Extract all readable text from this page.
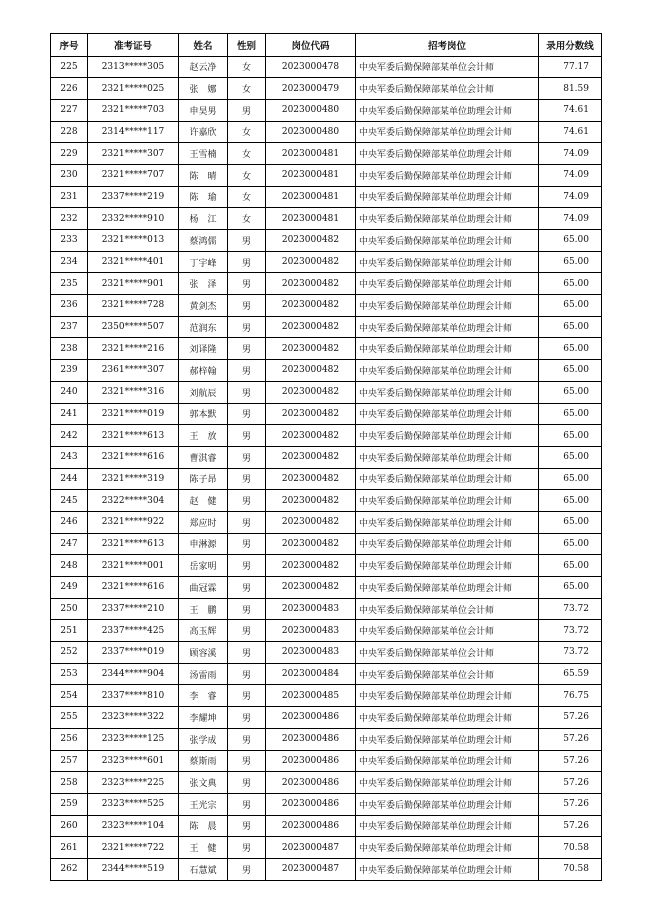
序号	准考证号	姓名	性别	岗位代码	招考岗位	录用分数线
225	2313*****305	赵云净	女	2023000478	中央军委后勤保障部某单位会计师	77.17
226	2321*****025	张　娜	女	2023000479	中央军委后勤保障部某单位会计师	81.59
227	2321*****703	申昊男	男	2023000480	中央军委后勤保障部某单位助理会计师	74.61
228	2314*****117	许嘉欣	女	2023000480	中央军委后勤保障部某单位助理会计师	74.61
229	2321*****307	王雪楠	女	2023000481	中央军委后勤保障部某单位助理会计师	74.09
230	2321*****707	陈　晴	女	2023000481	中央军委后勤保障部某单位助理会计师	74.09
231	2337*****219	陈　瑜	女	2023000481	中央军委后勤保障部某单位助理会计师	74.09
232	2332*****910	杨　江	女	2023000481	中央军委后勤保障部某单位助理会计师	74.09
233	2321*****013	蔡鸿儒	男	2023000482	中央军委后勤保障部某单位助理会计师	65.00
234	2321*****401	丁宇峰	男	2023000482	中央军委后勤保障部某单位助理会计师	65.00
235	2321*****901	张　泽	男	2023000482	中央军委后勤保障部某单位助理会计师	65.00
236	2321*****728	黄剑杰	男	2023000482	中央军委后勤保障部某单位助理会计师	65.00
237	2350*****507	范润东	男	2023000482	中央军委后勤保障部某单位助理会计师	65.00
238	2321*****216	刘译隆	男	2023000482	中央军委后勤保障部某单位助理会计师	65.00
239	2361*****307	郝梓翰	男	2023000482	中央军委后勤保障部某单位助理会计师	65.00
240	2321*****316	刘航辰	男	2023000482	中央军委后勤保障部某单位助理会计师	65.00
241	2321*****019	郭本默	男	2023000482	中央军委后勤保障部某单位助理会计师	65.00
242	2321*****613	王　放	男	2023000482	中央军委后勤保障部某单位助理会计师	65.00
243	2321*****616	曹淇睿	男	2023000482	中央军委后勤保障部某单位助理会计师	65.00
244	2321*****319	陈子昂	男	2023000482	中央军委后勤保障部某单位助理会计师	65.00
245	2322*****304	赵　健	男	2023000482	中央军委后勤保障部某单位助理会计师	65.00
246	2321*****922	郑应时	男	2023000482	中央军委后勤保障部某单位助理会计师	65.00
247	2321*****613	申淋源	男	2023000482	中央军委后勤保障部某单位助理会计师	65.00
248	2321*****001	岳家明	男	2023000482	中央军委后勤保障部某单位助理会计师	65.00
249	2321*****616	曲冠霖	男	2023000482	中央军委后勤保障部某单位助理会计师	65.00
250	2337*****210	王　鹏	男	2023000483	中央军委后勤保障部某单位会计师	73.72
251	2337*****425	高玉辉	男	2023000483	中央军委后勤保障部某单位会计师	73.72
252	2337*****019	顾容溪	男	2023000483	中央军委后勤保障部某单位会计师	73.72
253	2344*****904	汤雷雨	男	2023000484	中央军委后勤保障部某单位会计师	65.59
254	2337*****810	李　睿	男	2023000485	中央军委后勤保障部某单位助理会计师	76.75
255	2323*****322	李耀坤	男	2023000486	中央军委后勤保障部某单位助理会计师	57.26
256	2323*****125	张学成	男	2023000486	中央军委后勤保障部某单位助理会计师	57.26
257	2323*****601	蔡斯雨	男	2023000486	中央军委后勤保障部某单位助理会计师	57.26
258	2323*****225	张文典	男	2023000486	中央军委后勤保障部某单位助理会计师	57.26
259	2323*****525	王光宗	男	2023000486	中央军委后勤保障部某单位助理会计师	57.26
260	2323*****104	陈　晨	男	2023000486	中央军委后勤保障部某单位助理会计师	57.26
261	2321*****722	王　健	男	2023000487	中央军委后勤保障部某单位助理会计师	70.58
262	2344*****519	石慧斌	男	2023000487	中央军委后勤保障部某单位助理会计师	70.58
